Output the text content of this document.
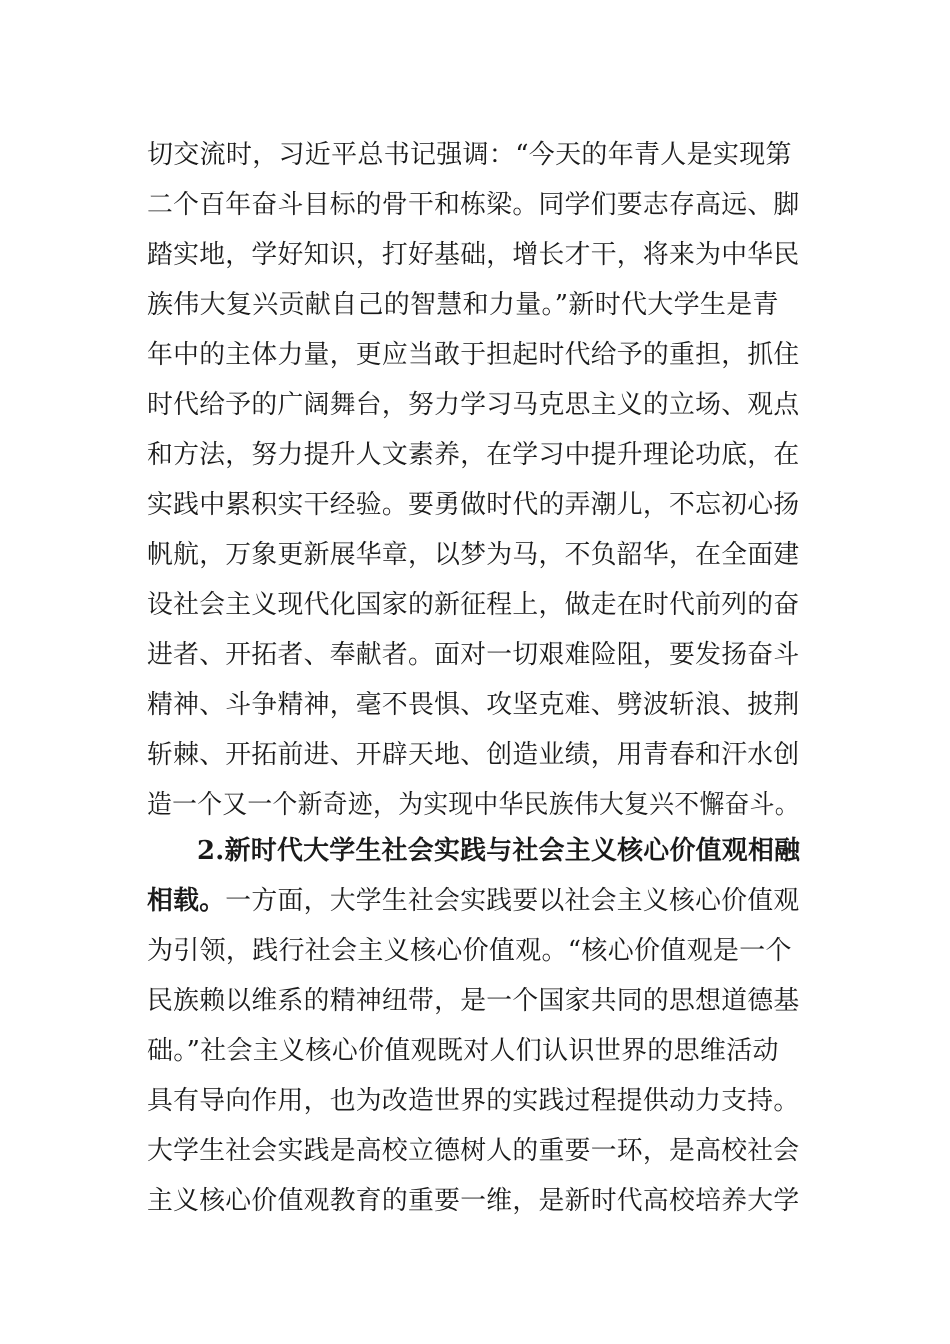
切交流时，习近平总书记强调：“今天的年青人是实现第
二个百年奋斗目标的骨干和栋梁。同学们要志存高远、脚
踏实地，学好知识，打好基础，增长才干，将来为中华民
族伟大复兴贡献自己的智慧和力量。”新时代大学生是青
年中的主体力量，更应当敢于担起时代给予的重担，抓住
时代给予的广阔舞台，努力学习马克思主义的立场、观点
和方法，努力提升人文素养，在学习中提升理论功底，在
实践中累积实干经验。要勇做时代的弄潮儿，不忘初心扬
帆航，万象更新展华章，以梦为马，不负韶华，在全面建
设社会主义现代化国家的新征程上，做走在时代前列的奋
进者、开拓者、奉献者。面对一切艰难险阻，要发扬奋斗
精神、斗争精神，毫不畏惧、攻坚克难、劈波斩浪、披荆
斩棘、开拓前进、开辟天地、创造业绩，用青春和汗水创
造一个又一个新奇迹，为实现中华民族伟大复兴不懈奋斗。
2.新时代大学生社会实践与社会主义核心价值观相融
相载。一方面，大学生社会实践要以社会主义核心价值观
为引领，践行社会主义核心价值观。“核心价值观是一个
民族赖以维系的精神纽带，是一个国家共同的思想道德基
础。”社会主义核心价值观既对人们认识世界的思维活动
具有导向作用，也为改造世界的实践过程提供动力支持。
大学生社会实践是高校立德树人的重要一环，是高校社会
主义核心价值观教育的重要一维，是新时代高校培养大学
